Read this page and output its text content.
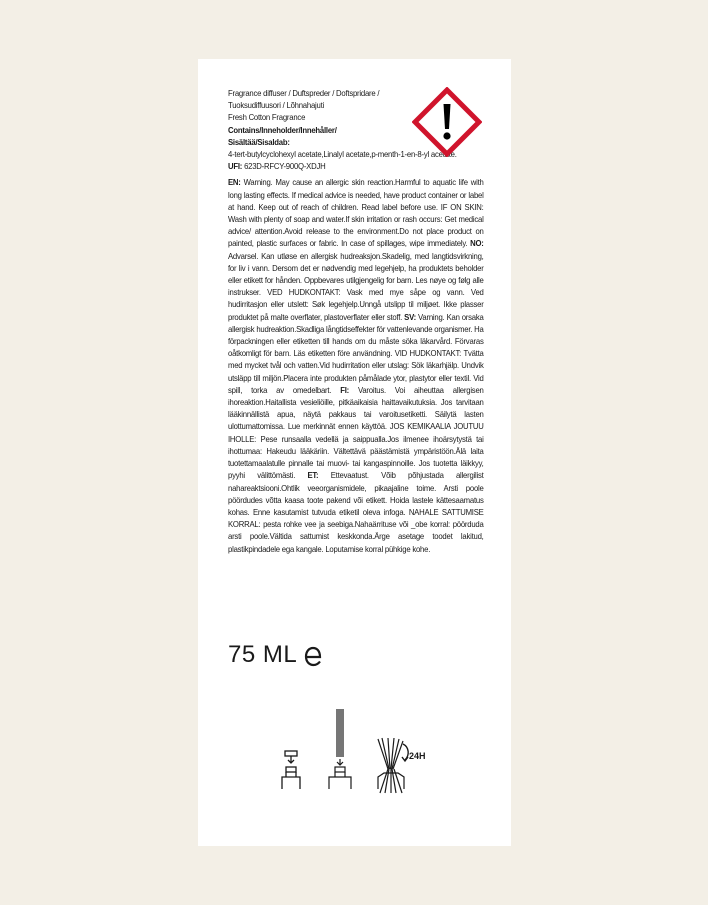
Fragrance diffuser / Duftspreder / Doftspridare /

Tuoksudiffuusori / Lõhnahajuti

Fresh Cotton Fragrance

Contains/Inneholder/Innehåller/

Sisältää/Sisaldab:

4-tert-butylcyclohexyl acetate,Linalyl acetate,p-menth-1-en-8-yl acetate.

UFI: 623D-RFCY-900Q-XDJH

EN: Warning. May cause an allergic skin reaction.Harmful to aquatic life with long lasting effects. If medical advice is needed, have product container or label at hand. Keep out of reach of children. Read label before use. IF ON SKIN: Wash with plenty of soap and water.If skin irritation or rash occurs: Get medical advice/ attention.Avoid release to the environment.Do not place product on painted, plastic surfaces or fabric. In case of spillages, wipe immediately. NO: Advarsel. Kan utløse en allergisk hudreaksjon.Skadelig, med langtidsvirkning, for liv i vann. Dersom det er nødvendig med legehjelp, ha produktets beholder eller etikett for hånden. Oppbevares utilgjengelig for barn. Les nøye og følg alle instrukser. VED HUDKONTAKT: Vask med mye såpe og vann. Ved hudirritasjon eller utslett: Søk legehjelp.Unngå utslipp til miljøet. Ikke plasser produktet på malte overflater, plastoverflater eller stoff. SV: Varning. Kan orsaka allergisk hudreaktion.Skadliga långtidseffekter för vattenlevande organismer. Ha förpackningen eller etiketten till hands om du måste söka läkarvård. Förvaras oåtkomligt för barn. Läs etiketten före användning. VID HUDKONTAKT: Tvätta med mycket tvål och vatten.Vid hudirritation eller utslag: Sök läkarhjälp. Undvik utsläpp till miljön.Placera inte produkten påmålade ytor, plastytor eller textil. Vid spill, torka av omedelbart. FI: Varoitus. Voi aiheuttaa allergisen ihoreaktion.Haitallista vesieliöille, pitkäaikaisia haittavaikutuksia. Jos tarvitaan lääkinnällistä apua, näytä pakkaus tai varoitusetiketti. Säilytä lasten ulottumattomissa. Lue merkinnät ennen käyttöä. JOS KEMIKAALIA JOUTUU IHOLLE: Pese runsaalla vedellä ja saippualla.Jos ilmenee ihoärsytystä tai ihottumaa: Hakeudu lääkäriin. Vältettävä päästämistä ympäristöön.Älä laita tuotettamaalatulle pinnalle tai muovi- tai kangaspinnoille. Jos tuotetta läikkyy, pyyhi välittömästi. ET: Ettevaatust. Võib põhjustada allergilist nahareaktsiooni.Ohtlik veeorganismidele, pikaajaline toime. Arsti poole pöördudes võtta kaasa toote pakend või etikett. Hoida lastele kättesaamatus kohas. Enne kasutamist tutvuda etiketil oleva infoga. NAHALE SATTUMISE KORRAL: pesta rohke vee ja seebiga.Nahaärrituse või _obe korral: pöörduda arsti poole.Vältida sattumist keskkonda.Ärge asetage toodet lakitud, plastikpindadele ega kangale. Loputamise korral pühkige kohe.

75 ML
24H
